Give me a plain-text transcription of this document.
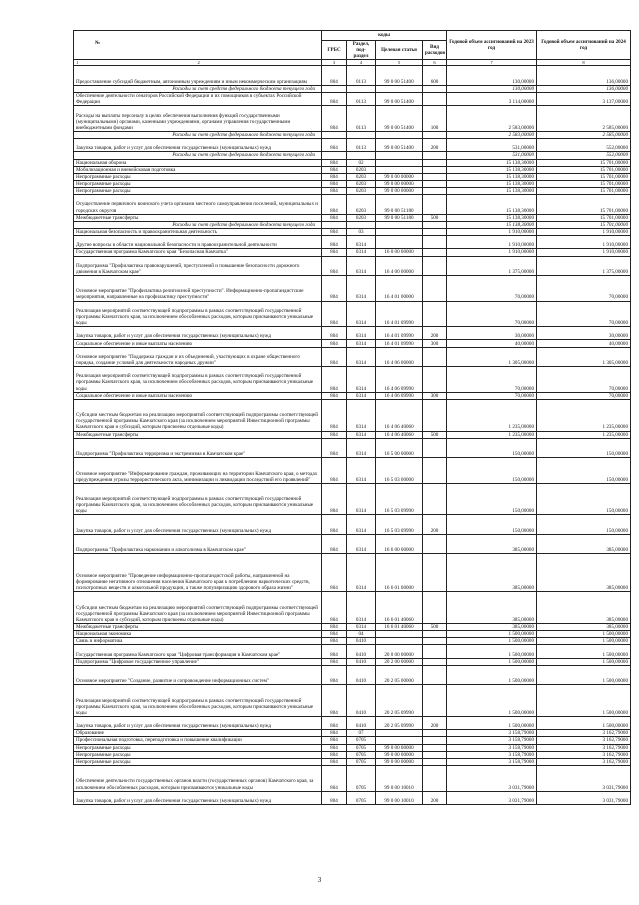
№	коды				Годовой объем ассигнований на 2023 год	Годовой объем ассигнований на 2024 год
	ГРБС	Раздел, под-раздел	Целевая статья	Вид расходов		

1 2	3	4	5	6	7	8
Предоставление субсидий бюджетным, автономным учреждениям и иным некоммерческим организациям	804	0113	99 0 00 51400	600	130,00000	136,00000
Расходы за счет средств федерального бюджета текущего года					130,00000	136,00000
Обеспечение деятельности сенаторов Российской Федерации и их помощников в субъектах Российской Федерации	804	0113	99 0 00 51400		3 114,00000	3 137,00000
Расходы на выплаты персоналу в целях обеспечения выполнения функций государственными (муниципальными) органами, казенными учреждениями, органами управления государственными внебюджетными фондами	804	0113	99 0 00 51400	100	2 583,00000	2 585,00000
Расходы за счет средств федерального бюджета текущего года					2 583,00000	2 585,00000
Закупка товаров, работ и услуг для обеспечения государственных (муниципальных) нужд	804	0113	99 0 00 51400	200	531,00000	552,00000
Расходы за счет средств федерального бюджета текущего года					531,00000	552,00000
Национальная оборона	804	02			15 138,30000	15 701,00000
Мобилизационная и вневойсковая подготовка	804	0203			15 138,30000	15 701,00000
Непрограммные расходы	804	0203	99 0 00 00000		15 138,30000	15 701,00000
Непрограммные расходы	804	0203	99 0 00 00000		15 138,30000	15 701,00000
Непрограммные расходы	804	0203	99 0 00 00000		15 138,30000	15 701,00000
Осуществление первичного воинского учета органами местного самоуправления поселений, муниципальных и городских округов	804	0203	99 0 00 51180		15 138,30000	15 701,00000
Межбюджетные трансферты	804	0203	99 0 00 51180	500	15 138,30000	15 701,00000
Расходы за счет средств федерального бюджета текущего года					15 138,30000	15 701,00000
Национальная безопасность и правоохранительная деятельность	804	03			1 910,00000	1 910,00000
Другие вопросы в области национальной безопасности и правоохранительной деятельности	804	0314			1 910,00000	1 910,00000
Государственная программа Камчатского края "Безопасная Камчатка"	804	0314	16 0 00 00000		1 910,00000	1 910,00000
Подпрограмма "Профилактика правонарушений, преступлений и повышение безопасности дорожного движения в Камчатском крае"	804	0314	16 4 00 00000		1 375,00000	1 375,00000
Основное мероприятие "Профилактика религиозной преступности". Информационно-пропагандистские мероприятия, направленные на профилактику преступности"	804	0314	16 4 01 00000		70,00000	70,00000
Реализация мероприятий соответствующей подпрограммы в рамках соответствующей государственной программы Камчатского края, за исключением обособленных расходов, которым присваиваются уникальные коды	804	0314	16 4 01 09990		70,00000	70,00000
Закупка товаров, работ и услуг для обеспечения государственных (муниципальных) нужд	804	0314	16 4 01 09990	200	30,00000	30,00000
Социальное обеспечение и иные выплаты населению	804	0314	16 4 01 09990	300	40,00000	40,00000
Основное мероприятие "Поддержка граждан и их объединений, участвующих в охране общественного порядка, создание условий для деятельности народных дружин"	804	0314	16 4 06 00000		1 305,00000	1 305,00000
Реализация мероприятий соответствующей подпрограммы в рамках соответствующей государственной программы Камчатского края, за исключением обособленных расходов, которым присваиваются уникальные коды	804	0314	16 4 06 09990		70,00000	70,00000
Социальное обеспечение и иные выплаты населению	804	0314	16 4 06 09990	300	70,00000	70,00000
Субсидии местным бюджетам на реализацию мероприятий соответствующей подпрограммы соответствующей государственной программы Камчатского края (за исключением мероприятий Инвестиционной программы Камчатского края и субсидий, которым присвоены отдельные коды)	804	0314	16 4 06 40060		1 235,00000	1 235,00000
Межбюджетные трансферты	804	0314	16 4 06 40060	500	1 235,00000	1 235,00000
Подпрограмма "Профилактика терроризма и экстремизма в Камчатском крае"	804	0314	16 5 00 00000		150,00000	150,00000
Основное мероприятие "Информирование граждан, проживающих на территории Камчатского края, о методах предупреждения угрозы террористического акта, минимизации и ликвидации последствий его проявлений"	804	0314	16 5 03 00000		150,00000	150,00000
Реализация мероприятий соответствующей подпрограммы в рамках соответствующей государственной программы Камчатского края, за исключением обособленных расходов, которым присваиваются уникальные коды	804	0314	16 5 03 09990		150,00000	150,00000
Закупка товаров, работ и услуг для обеспечения государственных (муниципальных) нужд	804	0314	16 5 03 09990	200	150,00000	150,00000
Подпрограмма "Профилактика наркомании и алкоголизма в Камчатском крае"	804	0314	16 6 00 00000		385,00000	385,00000
Основное мероприятие "Проведение информационно-пропагандистской работы, направленной на формирование негативного отношения населения Камчатского края к потреблению наркотических средств, психотропных веществ и алкогольной продукции, а также популяризацию здорового образа жизни"	804	0314	16 6 01 00000		385,00000	385,00000
Субсидии местным бюджетам на реализацию мероприятий соответствующей подпрограммы соответствующей государственной программы Камчатского края (за исключением мероприятий Инвестиционной программы Камчатского края и субсидий, которым присвоены отдельные коды)	804	0314	16 6 01 40060		385,00000	385,00000
Межбюджетные трансферты	804	0314	16 6 01 40060	500	385,00000	385,00000
Национальная экономика	804	04			1 500,00000	1 500,00000
Связь и информатика	804	0410			1 500,00000	1 500,00000
Государственная программа Камчатского края "Цифровая трансформация в Камчатском крае"	804	0410	20 0 00 00000		1 500,00000	1 500,00000
Подпрограмма "Цифровое государственное управление"	804	0410	20 2 00 00000		1 500,00000	1 500,00000
Основное мероприятие "Создание, развитие и сопровождение информационных систем"	804	0410	20 2 05 00000		1 500,00000	1 500,00000
Реализация мероприятий соответствующей подпрограммы в рамках соответствующей государственной программы Камчатского края, за исключением обособленных расходов, которым присваиваются уникальные коды	804	0410	20 2 05 09990		1 500,00000	1 500,00000
Закупка товаров, работ и услуг для обеспечения государственных (муниципальных) нужд	804	0410	20 2 05 09990	200	1 500,00000	1 500,00000
Образование	804	07			3 158,79000	3 162,79000
Профессиональная подготовка, переподготовка и повышение квалификации	804	0705			3 158,79000	3 162,79000
Непрограммные расходы	804	0705	99 0 00 00000		3 158,79000	3 162,79000
Непрограммные расходы	804	0705	99 0 00 00000		3 158,79000	3 162,79000
Непрограммные расходы	804	0705	99 0 00 00000		3 158,79000	3 162,79000
Обеспечение деятельности государственных органов власти (государственных органов) Камчатского края, за исключением обособленных расходов, которым присваиваются уникальные коды	804	0705	99 0 00 10010		3 031,79000	3 031,79000
Закупка товаров, работ и услуг для обеспечения государственных (муниципальных) нужд	804	0705	99 0 00 10010	200	3 031,79000	3 031,79000
3
